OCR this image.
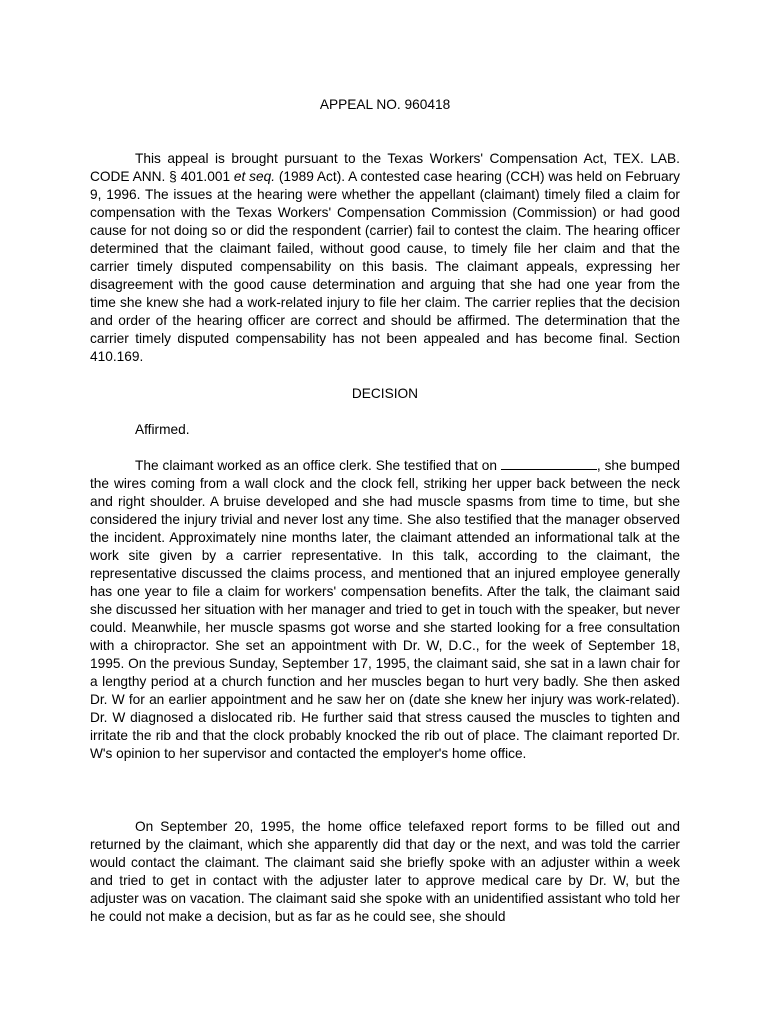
APPEAL NO. 960418

This appeal is brought pursuant to the Texas Workers' Compensation Act, TEX. LAB. CODE ANN. § 401.001 et seq. (1989 Act). A contested case hearing (CCH) was held on February 9, 1996. The issues at the hearing were whether the appellant (claimant) timely filed a claim for compensation with the Texas Workers' Compensation Commission (Commission) or had good cause for not doing so or did the respondent (carrier) fail to contest the claim. The hearing officer determined that the claimant failed, without good cause, to timely file her claim and that the carrier timely disputed compensability on this basis. The claimant appeals, expressing her disagreement with the good cause determination and arguing that she had one year from the time she knew she had a work-related injury to file her claim. The carrier replies that the decision and order of the hearing officer are correct and should be affirmed. The determination that the carrier timely disputed compensability has not been appealed and has become final. Section 410.169.

DECISION

Affirmed.

The claimant worked as an office clerk. She testified that on	, she bumped the wires coming from a wall clock and the clock fell, striking her upper back between the neck and right shoulder. A bruise developed and she had muscle spasms from time to time, but she considered the injury trivial and never lost any time. She also testified that the manager observed the incident. Approximately nine months later, the claimant attended an informational talk at the work site given by a carrier representative. In this talk, according to the claimant, the representative discussed the claims process, and mentioned that an injured employee generally has one year to file a claim for workers' compensation benefits. After the talk, the claimant said she discussed her situation with her manager and tried to get in touch with the speaker, but never could. Meanwhile, her muscle spasms got worse and she started looking for a free consultation with a chiropractor. She set an appointment with Dr. W, D.C., for the week of September 18, 1995. On the previous Sunday, September 17, 1995, the claimant said, she sat in a lawn chair for a lengthy period at a church function and her muscles began to hurt very badly. She then asked Dr. W for an earlier appointment and he saw her on (date she knew her injury was work-related). Dr. W diagnosed a dislocated rib. He further said that stress caused the muscles to tighten and irritate the rib and that the clock probably knocked the rib out of place. The claimant reported Dr. W's opinion to her supervisor and contacted the employer's home office.

On September 20, 1995, the home office telefaxed report forms to be filled out and returned by the claimant, which she apparently did that day or the next, and was told the carrier would contact the claimant. The claimant said she briefly spoke with an adjuster within a week and tried to get in contact with the adjuster later to approve medical care by Dr. W, but the adjuster was on vacation. The claimant said she spoke with an unidentified assistant who told her he could not make a decision, but as far as he could see, she should
